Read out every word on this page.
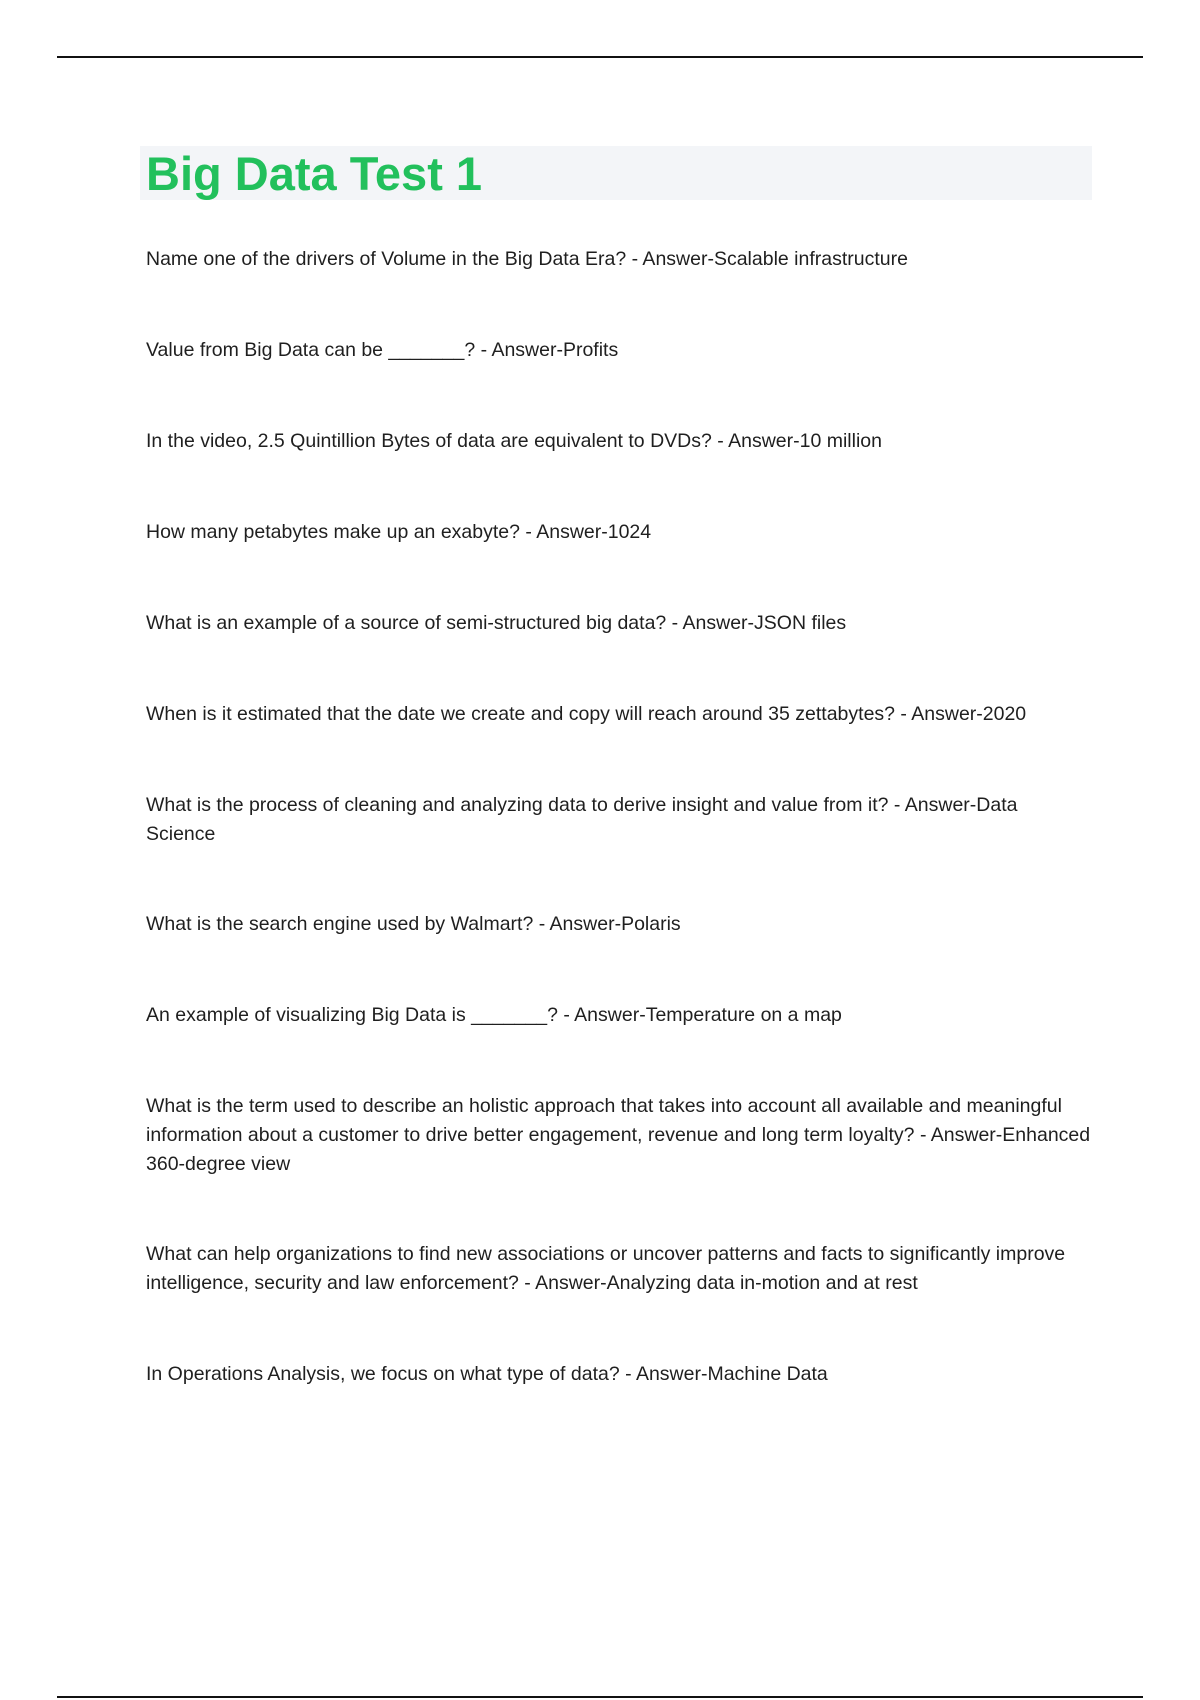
Big Data Test 1
Name one of the drivers of Volume in the Big Data Era? - Answer-Scalable infrastructure
Value from Big Data can be _______? - Answer-Profits
In the video, 2.5 Quintillion Bytes of data are equivalent to DVDs? - Answer-10 million
How many petabytes make up an exabyte? - Answer-1024
What is an example of a source of semi-structured big data? - Answer-JSON files
When is it estimated that the date we create and copy will reach around 35 zettabytes? - Answer-2020
What is the process of cleaning and analyzing data to derive insight and value from it? - Answer-Data Science
What is the search engine used by Walmart? - Answer-Polaris
An example of visualizing Big Data is _______? - Answer-Temperature on a map
What is the term used to describe an holistic approach that takes into account all available and meaningful information about a customer to drive better engagement, revenue and long term loyalty? - Answer-Enhanced 360-degree view
What can help organizations to find new associations or uncover patterns and facts to significantly improve intelligence, security and law enforcement? - Answer-Analyzing data in-motion and at rest
In Operations Analysis, we focus on what type of data? - Answer-Machine Data
